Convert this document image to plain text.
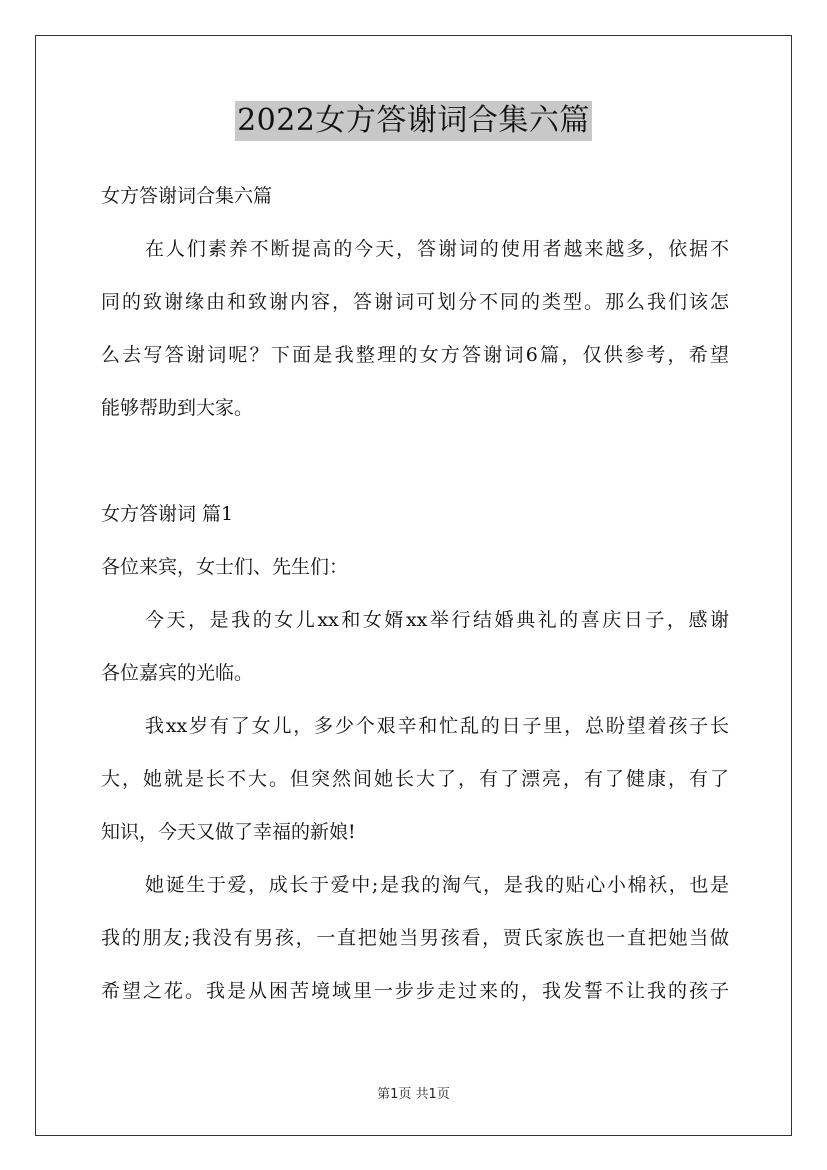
2022女方答谢词合集六篇
女方答谢词合集六篇
在人们素养不断提高的今天，答谢词的使用者越来越多，依据不
同的致谢缘由和致谢内容，答谢词可划分不同的类型。那么我们该怎
么去写答谢词呢？下面是我整理的女方答谢词6篇，仅供参考，希望
能够帮助到大家。
女方答谢词 篇1
各位来宾，女士们、先生们：
今天，是我的女儿xx和女婿xx举行结婚典礼的喜庆日子，感谢
各位嘉宾的光临。
我xx岁有了女儿，多少个艰辛和忙乱的日子里，总盼望着孩子长
大，她就是长不大。但突然间她长大了，有了漂亮，有了健康，有了
知识，今天又做了幸福的新娘!
她诞生于爱，成长于爱中;是我的淘气，是我的贴心小棉袄，也是
我的朋友;我没有男孩，一直把她当男孩看，贾氏家族也一直把她当做
希望之花。我是从困苦境域里一步步走过来的，我发誓不让我的孩子
第1页 共1页
